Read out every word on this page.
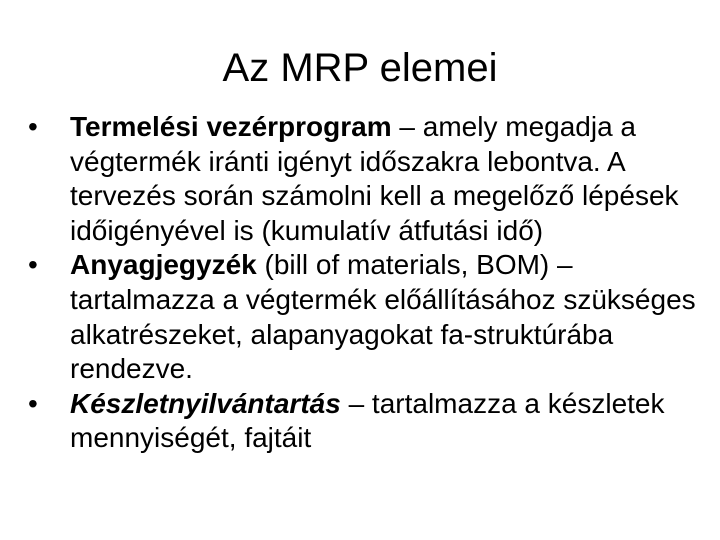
Az MRP elemei
•	Termelési vezérprogram – amely megadja a végtermék iránti igényt időszakra lebontva. A tervezés során számolni kell a megelőző lépések időigényével is (kumulatív átfutási idő)
•	Anyagjegyzék (bill of materials, BOM) – tartalmazza a végtermék előállításához szükséges alkatrészeket, alapanyagokat fa-struktúrába rendezve.
•	Készletnyilvántartás – tartalmazza a készletek mennyiségét, fajtáit
